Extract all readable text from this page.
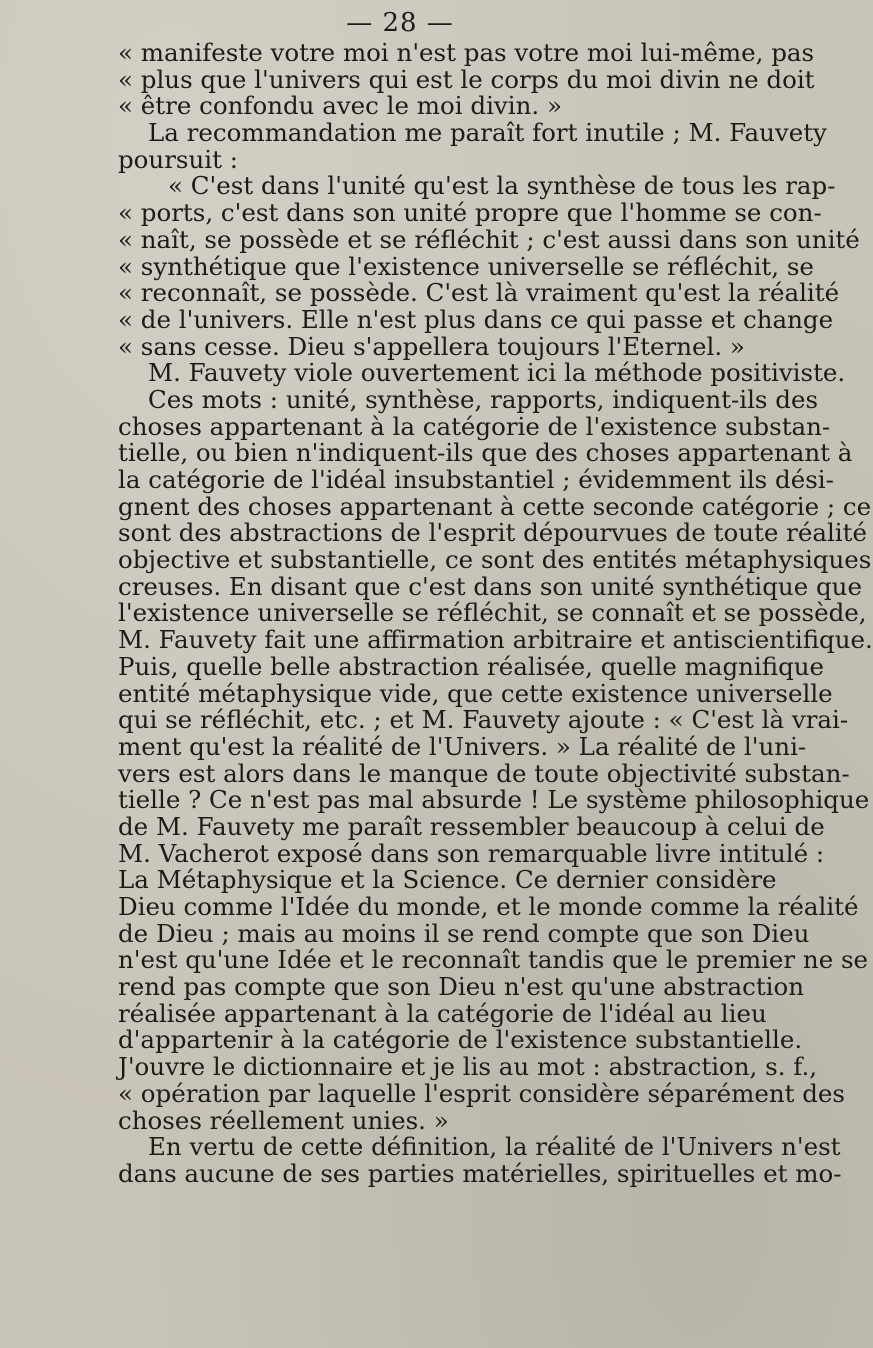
— 28 —
« manifeste votre moi n'est pas votre moi lui-même, pas
« plus que l'univers qui est le corps du moi divin ne doit
« être confondu avec le moi divin. »
La recommandation me paraît fort inutile ; M. Fauvety
poursuit :
« C'est dans l'unité qu'est la synthèse de tous les rap-
« ports, c'est dans son unité propre que l'homme se con-
« naît, se possède et se réfléchit ; c'est aussi dans son unité
« synthétique que l'existence universelle se réfléchit, se
« reconnaît, se possède. C'est là vraiment qu'est la réalité
« de l'univers. Elle n'est plus dans ce qui passe et change
« sans cesse. Dieu s'appellera toujours l'Eternel. »
M. Fauvety viole ouvertement ici la méthode positiviste.
Ces mots : unité, synthèse, rapports, indiquent-ils des
choses appartenant à la catégorie de l'existence substan-
tielle, ou bien n'indiquent-ils que des choses appartenant à
la catégorie de l'idéal insubstantiel ; évidemment ils dési-
gnent des choses appartenant à cette seconde catégorie ; ce
sont des abstractions de l'esprit dépourvues de toute réalité
objective et substantielle, ce sont des entités métaphysiques
creuses. En disant que c'est dans son unité synthétique que
l'existence universelle se réfléchit, se connaît et se possède,
M. Fauvety fait une affirmation arbitraire et antiscientifique.
Puis, quelle belle abstraction réalisée, quelle magnifique
entité métaphysique vide, que cette existence universelle
qui se réfléchit, etc. ; et M. Fauvety ajoute : « C'est là vrai-
ment qu'est la réalité de l'Univers. » La réalité de l'uni-
vers est alors dans le manque de toute objectivité substan-
tielle ? Ce n'est pas mal absurde ! Le système philosophique
de M. Fauvety me paraît ressembler beaucoup à celui de
M. Vacherot exposé dans son remarquable livre intitulé :
La Métaphysique et la Science. Ce dernier considère
Dieu comme l'Idée du monde, et le monde comme la réalité
de Dieu ; mais au moins il se rend compte que son Dieu
n'est qu'une Idée et le reconnaît tandis que le premier ne se
rend pas compte que son Dieu n'est qu'une abstraction
réalisée appartenant à la catégorie de l'idéal au lieu
d'appartenir à la catégorie de l'existence substantielle.
J'ouvre le dictionnaire et je lis au mot : abstraction, s. f.,
« opération par laquelle l'esprit considère séparément des
choses réellement unies. »
En vertu de cette définition, la réalité de l'Univers n'est
dans aucune de ses parties matérielles, spirituelles et mo-
